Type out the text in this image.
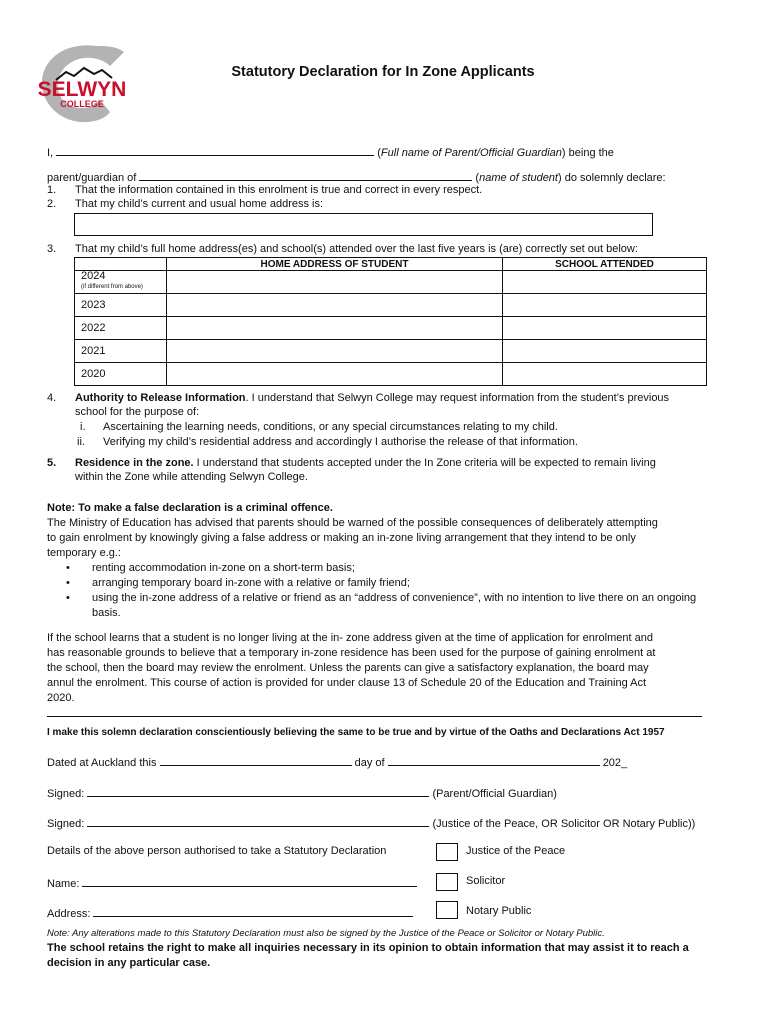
SELWYN
COLLEGE
Statutory Declaration for In Zone Applicants
I,	(Full name of Parent/Official Guardian) being the
parent/guardian of	(name of student) do solemnly declare:
1. That the information contained in this enrolment is true and correct in every respect.
2. That my child’s current and usual home address is:
3. That my child’s full home address(es) and school(s) attended over the last five years is (are) correctly set out below:
	HOME ADDRESS OF STUDENT	SCHOOL ATTENDED
2024
(if different from above)		

2023		
2022		
2021		
2020		
4. Authority to Release Information. I understand that Selwyn College may request information from the student’s previous
school for the purpose of:
i. Ascertaining the learning needs, conditions, or any special circumstances relating to my child.
ii. Verifying my child’s residential address and accordingly I authorise the release of that information.
5. Residence in the zone. I understand that students accepted under the In Zone criteria will be expected to remain living
within the Zone while attending Selwyn College.
Note: To make a false declaration is a criminal offence.
The Ministry of Education has advised that parents should be warned of the possible consequences of deliberately attempting
to gain enrolment by knowingly giving a false address or making an in-zone living arrangement that they intend to be only
temporary e.g.:
• renting accommodation in-zone on a short-term basis;
• arranging temporary board in-zone with a relative or family friend;
• using the in-zone address of a relative or friend as an “address of convenience”, with no intention to live there on an ongoing basis.
If the school learns that a student is no longer living at the in- zone address given at the time of application for enrolment and
has reasonable grounds to believe that a temporary in-zone residence has been used for the purpose of gaining enrolment at
the school, then the board may review the enrolment. Unless the parents can give a satisfactory explanation, the board may
annul the enrolment. This course of action is provided for under clause 13 of Schedule 20 of the Education and Training Act
2020.
I make this solemn declaration conscientiously believing the same to be true and by virtue of the Oaths and Declarations Act 1957
Dated at Auckland this	day of	202_
Signed:	(Parent/Official Guardian)
Signed:	(Justice of the Peace, OR Solicitor OR Notary Public))
Details of the above person authorised to take a Statutory Declaration
Name:
Address:
Justice of the Peace
Solicitor
Notary Public
Note: Any alterations made to this Statutory Declaration must also be signed by the Justice of the Peace or Solicitor or Notary Public.
The school retains the right to make all inquiries necessary in its opinion to obtain information that may assist it to reach a
decision in any particular case.
